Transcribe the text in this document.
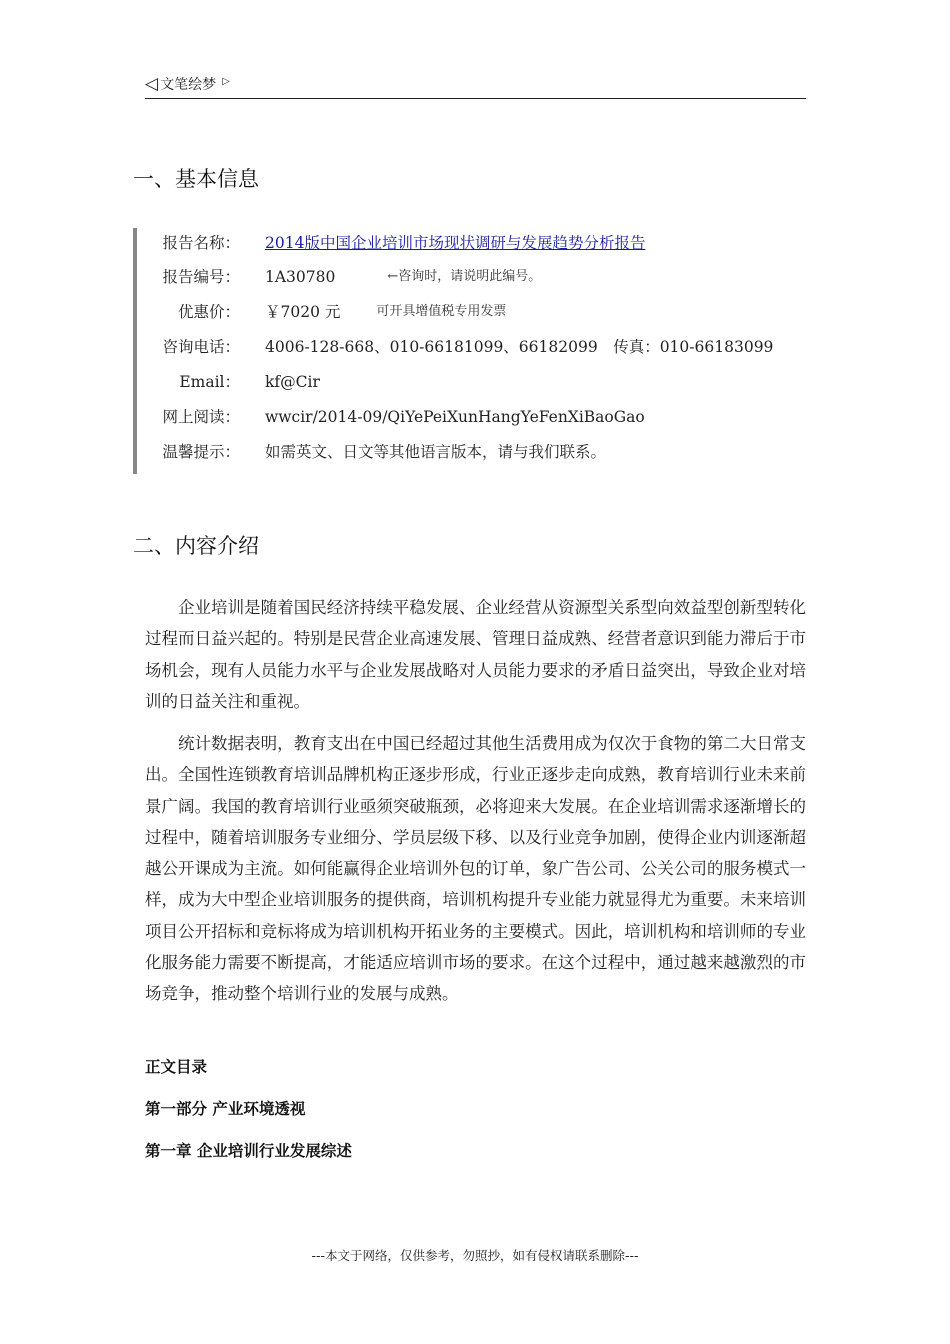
◁ 文笔绘梦 ▷
一、基本信息
报告名称： 2014版中国企业培训市场现状调研与发展趋势分析报告
报告编号： 1A30780	←咨询时，请说明此编号。
优惠价： ￥7020 元	可开具增值税专用发票
咨询电话： 4006-128-668、010-66181099、66182099　传真：010-66183099
Email： kf@Cir
网上阅读： wwcir/2014-09/QiYePeiXunHangYeFenXiBaoGao
温馨提示： 如需英文、日文等其他语言版本，请与我们联系。
二、内容介绍

企业培训是随着国民经济持续平稳发展、企业经营从资源型关系型向效益型创新型转化过程而日益兴起的。特别是民营企业高速发展、管理日益成熟、经营者意识到能力滞后于市场机会，现有人员能力水平与企业发展战略对人员能力要求的矛盾日益突出，导致企业对培训的日益关注和重视。

统计数据表明，教育支出在中国已经超过其他生活费用成为仅次于食物的第二大日常支出。全国性连锁教育培训品牌机构正逐步形成，行业正逐步走向成熟，教育培训行业未来前景广阔。我国的教育培训行业亟须突破瓶颈，必将迎来大发展。在企业培训需求逐渐增长的过程中，随着培训服务专业细分、学员层级下移、以及行业竞争加剧，使得企业内训逐渐超越公开课成为主流。如何能赢得企业培训外包的订单，象广告公司、公关公司的服务模式一样，成为大中型企业培训服务的提供商，培训机构提升专业能力就显得尤为重要。未来培训项目公开招标和竞标将成为培训机构开拓业务的主要模式。因此，培训机构和培训师的专业化服务能力需要不断提高，才能适应培训市场的要求。在这个过程中，通过越来越激烈的市场竞争，推动整个培训行业的发展与成熟。

正文目录
第一部分 产业环境透视
第一章 企业培训行业发展综述
---本文于网络，仅供参考，勿照抄，如有侵权请联系删除---
